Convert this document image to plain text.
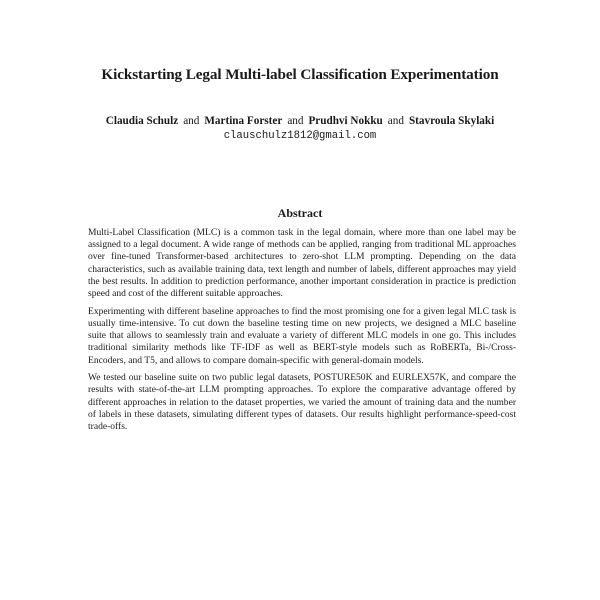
Kickstarting Legal Multi-label Classification Experimentation
Claudia Schulz and Martina Forster and Prudhvi Nokku and Stavroula Skylaki
clauschulz1812@gmail.com
Abstract

Multi-Label Classification (MLC) is a common task in the legal domain, where more than one label may be assigned to a legal document. A wide range of methods can be applied, ranging from traditional ML approaches over fine-tuned Transformer-based architectures to zero-shot LLM prompting. Depending on the data characteristics, such as available training data, text length and number of labels, different approaches may yield the best results. In addition to prediction performance, another important consideration in practice is prediction speed and cost of the different suitable approaches.

Experimenting with different baseline approaches to find the most promising one for a given legal MLC task is usually time-intensive. To cut down the baseline testing time on new projects, we designed a MLC baseline suite that allows to seamlessly train and evaluate a variety of different MLC models in one go. This includes traditional similarity methods like TF-IDF as well as BERT-style models such as RoBERTa, Bi-/Cross-Encoders, and T5, and allows to compare domain-specific with general-domain models.

We tested our baseline suite on two public legal datasets, POSTURE50K and EURLEX57K, and compare the results with state-of-the-art LLM prompting approaches. To explore the comparative advantage offered by different approaches in relation to the dataset properties, we varied the amount of training data and the number of labels in these datasets, simulating different types of datasets. Our results highlight performance-speed-cost trade-offs.
